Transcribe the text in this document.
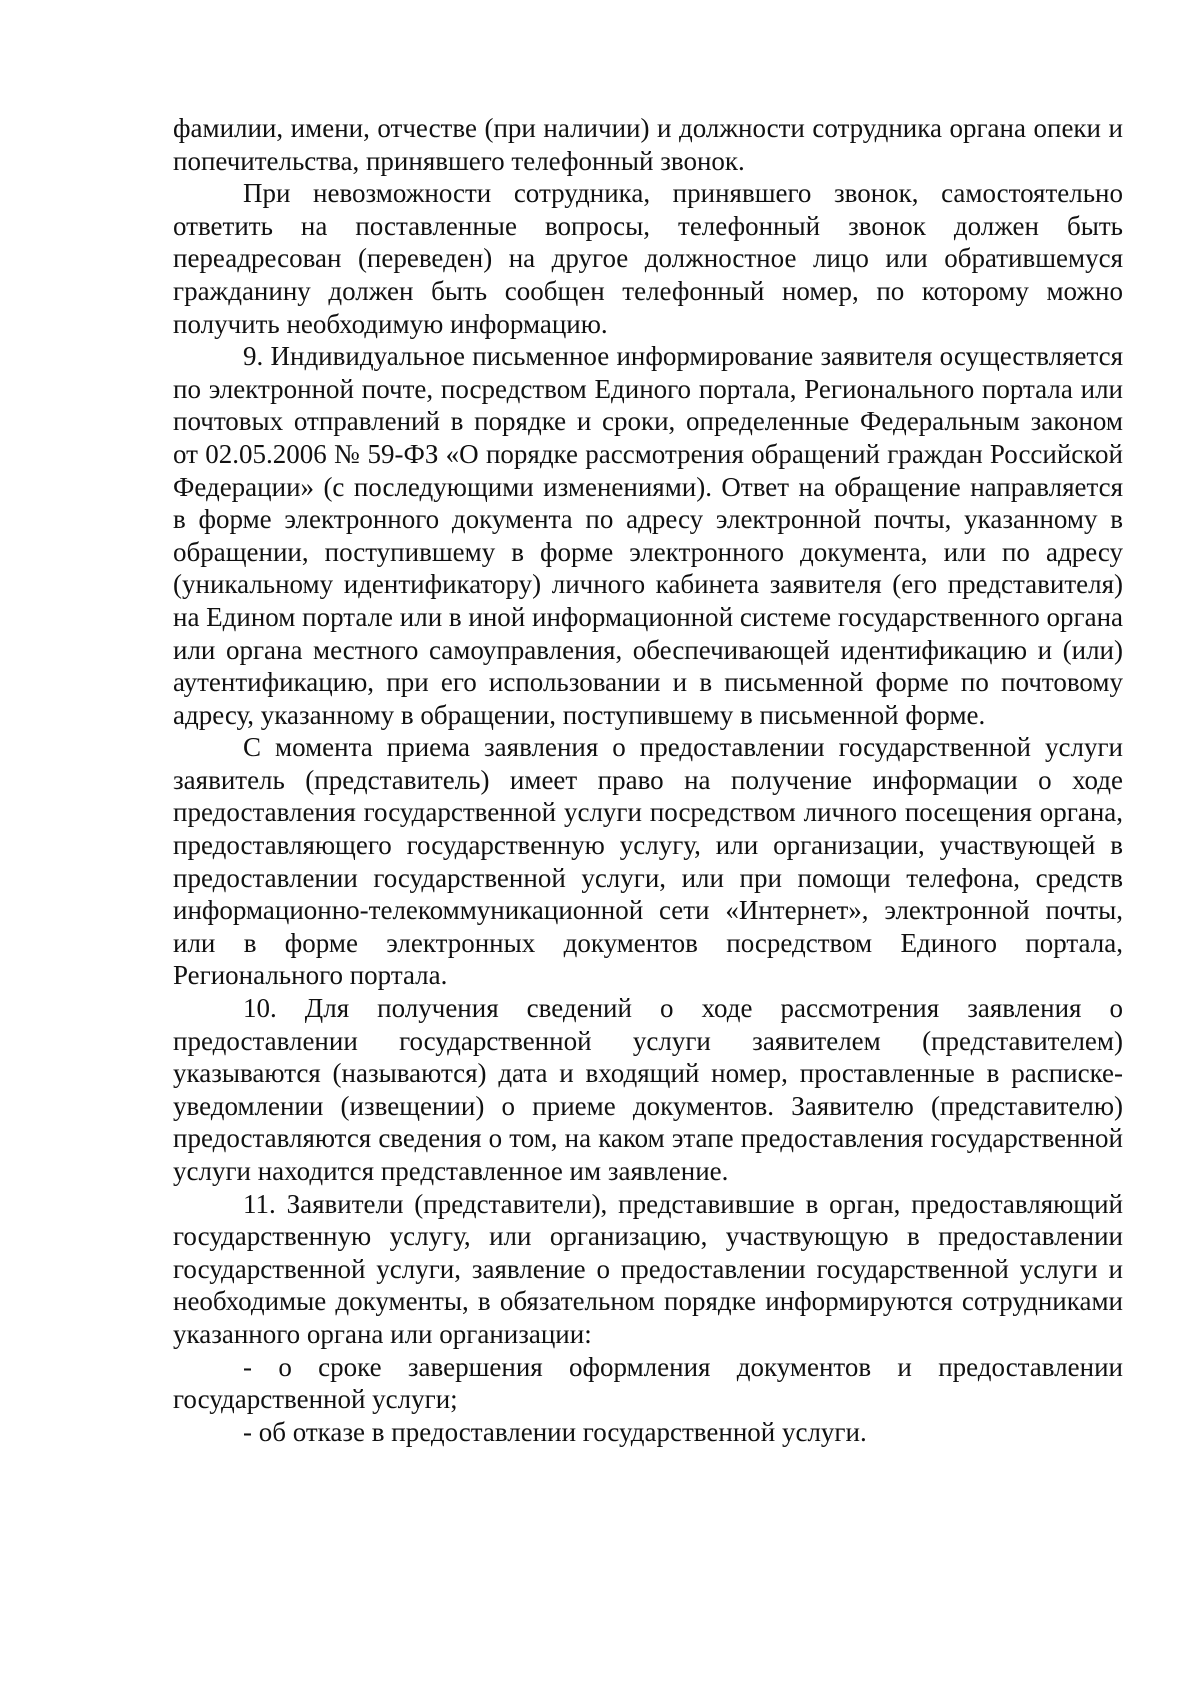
фамилии, имени, отчестве (при наличии) и должности сотрудника органа опеки и попечительства, принявшего телефонный звонок.

При невозможности сотрудника, принявшего звонок, самостоятельно ответить на поставленные вопросы, телефонный звонок должен быть переадресован (переведен) на другое должностное лицо или обратившемуся гражданину должен быть сообщен телефонный номер, по которому можно получить необходимую информацию.

9. Индивидуальное письменное информирование заявителя осуществляется по электронной почте, посредством Единого портала, Регионального портала или почтовых отправлений в порядке и сроки, определенные Федеральным законом от 02.05.2006 № 59-ФЗ «О порядке рассмотрения обращений граждан Российской Федерации» (с последующими изменениями). Ответ на обращение направляется в форме электронного документа по адресу электронной почты, указанному в обращении, поступившему в форме электронного документа, или по адресу (уникальному идентификатору) личного кабинета заявителя (его представителя) на Едином портале или в иной информационной системе государственного органа или органа местного самоуправления, обеспечивающей идентификацию и (или) аутентификацию, при его использовании и в письменной форме по почтовому адресу, указанному в обращении, поступившему в письменной форме.

С момента приема заявления о предоставлении государственной услуги заявитель (представитель) имеет право на получение информации о ходе предоставления государственной услуги посредством личного посещения органа, предоставляющего государственную услугу, или организации, участвующей в предоставлении государственной услуги, или при помощи телефона, средств информационно-телекоммуникационной сети «Интернет», электронной почты, или в форме электронных документов посредством Единого портала, Регионального портала.

10. Для получения сведений о ходе рассмотрения заявления о предоставлении государственной услуги заявителем (представителем) указываются (называются) дата и входящий номер, проставленные в расписке-уведомлении (извещении) о приеме документов. Заявителю (представителю) предоставляются сведения о том, на каком этапе предоставления государственной услуги находится представленное им заявление.

11. Заявители (представители), представившие в орган, предоставляющий государственную услугу, или организацию, участвующую в предоставлении государственной услуги, заявление о предоставлении государственной услуги и необходимые документы, в обязательном порядке информируются сотрудниками указанного органа или организации:

- о сроке завершения оформления документов и предоставлении государственной услуги;

- об отказе в предоставлении государственной услуги.
